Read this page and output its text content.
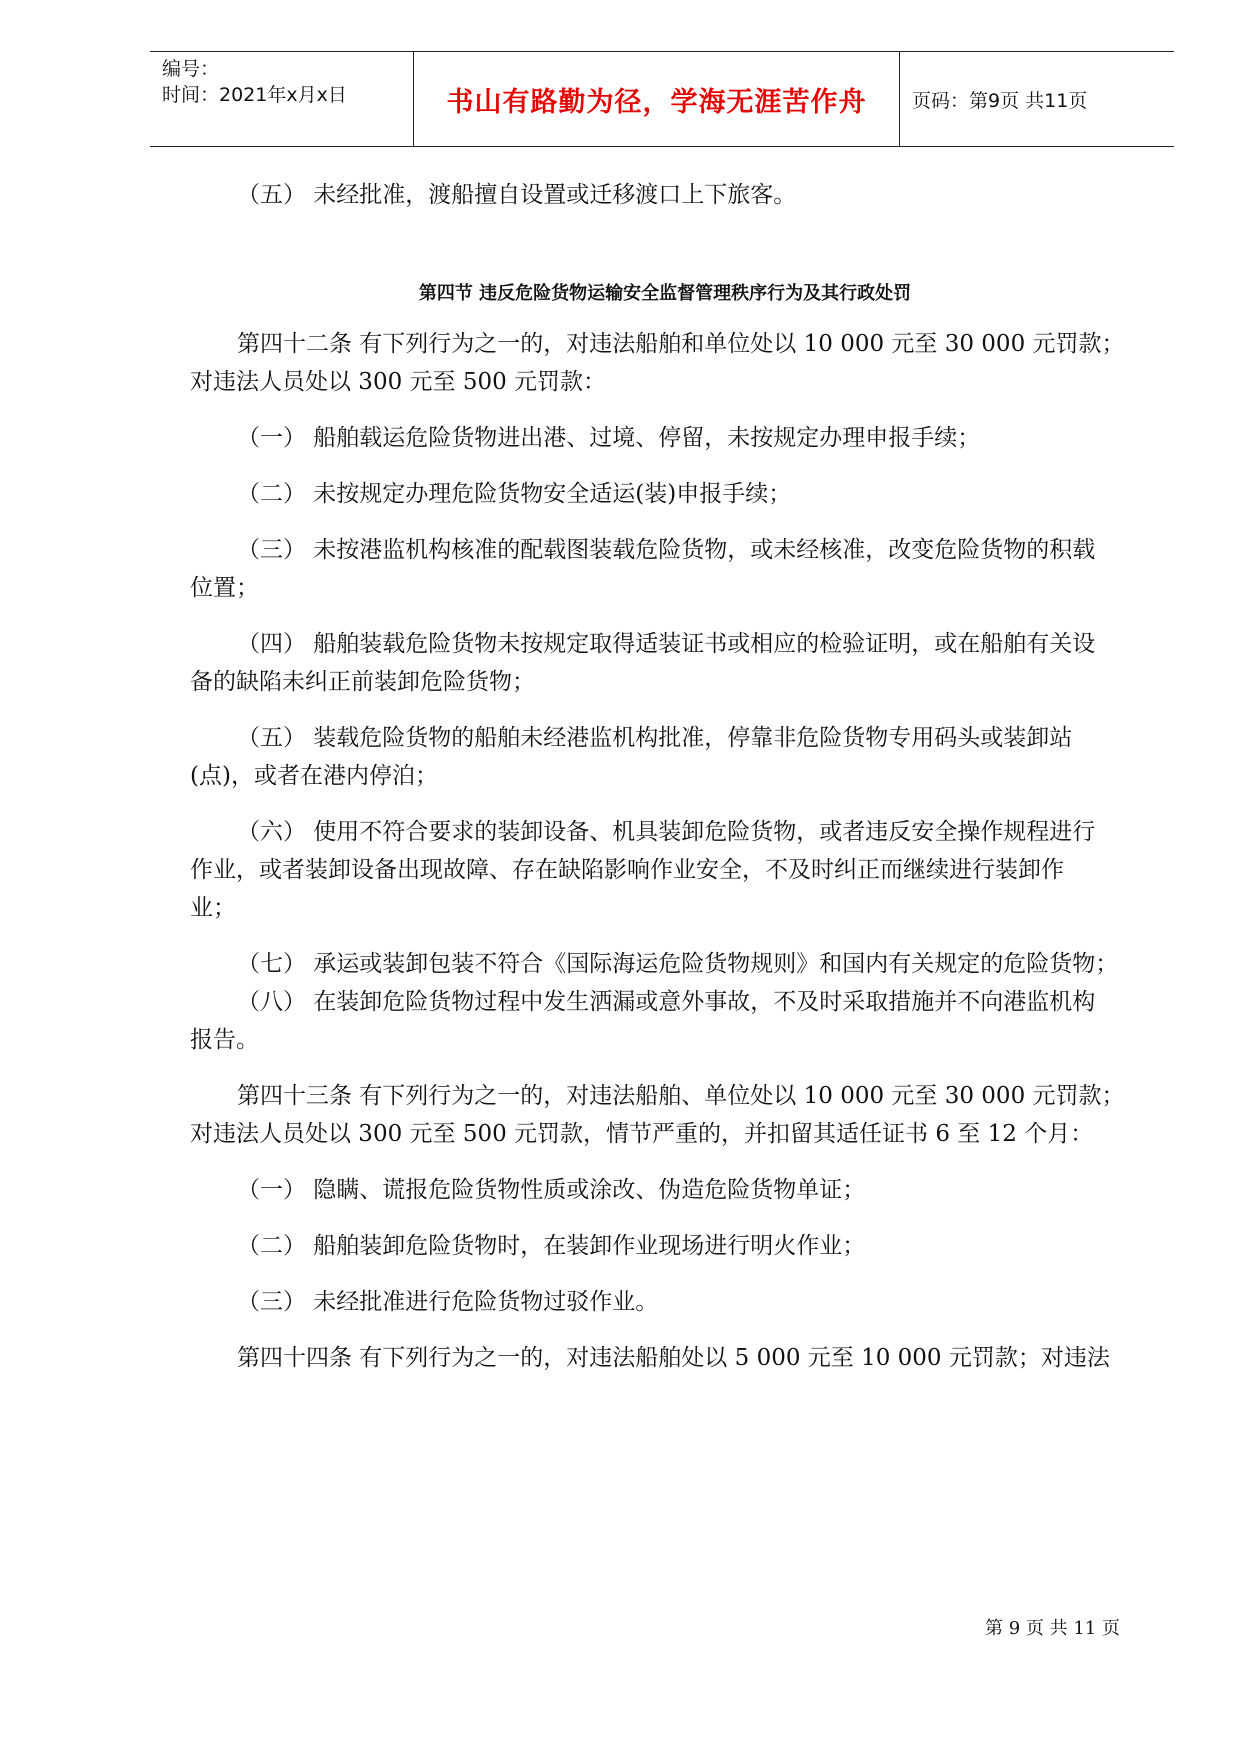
编号：
时间：2021年x月x日	书山有路勤为径，学海无涯苦作舟 页码：第9页 共11页

（五） 未经批准，渡船擅自设置或迁移渡口上下旅客。

第四节 违反危险货物运输安全监督管理秩序行为及其行政处罚

第四十二条 有下列行为之一的，对违法船舶和单位处以 10 000 元至 30 000 元罚款；

对违法人员处以 300 元至 500 元罚款：

（一） 船舶载运危险货物进出港、过境、停留，未按规定办理申报手续；

（二） 未按规定办理危险货物安全适运(装)申报手续；

（三） 未按港监机构核准的配载图装载危险货物，或未经核准，改变危险货物的积载

位置；

（四） 船舶装载危险货物未按规定取得适装证书或相应的检验证明，或在船舶有关设

备的缺陷未纠正前装卸危险货物；

（五） 装载危险货物的船舶未经港监机构批准，停靠非危险货物专用码头或装卸站

(点)，或者在港内停泊；

（六） 使用不符合要求的装卸设备、机具装卸危险货物，或者违反安全操作规程进行

作业，或者装卸设备出现故障、存在缺陷影响作业安全，不及时纠正而继续进行装卸作

业；

（七） 承运或装卸包装不符合《国际海运危险货物规则》和国内有关规定的危险货物；

（八） 在装卸危险货物过程中发生洒漏或意外事故，不及时采取措施并不向港监机构

报告。

第四十三条 有下列行为之一的，对违法船舶、单位处以 10 000 元至 30 000 元罚款；

对违法人员处以 300 元至 500 元罚款，情节严重的，并扣留其适任证书 6 至 12 个月：

（一） 隐瞒、谎报危险货物性质或涂改、伪造危险货物单证；

（二） 船舶装卸危险货物时，在装卸作业现场进行明火作业；

（三） 未经批准进行危险货物过驳作业。

第四十四条 有下列行为之一的，对违法船舶处以 5 000 元至 10 000 元罚款；对违法

第 9 页 共 11 页
